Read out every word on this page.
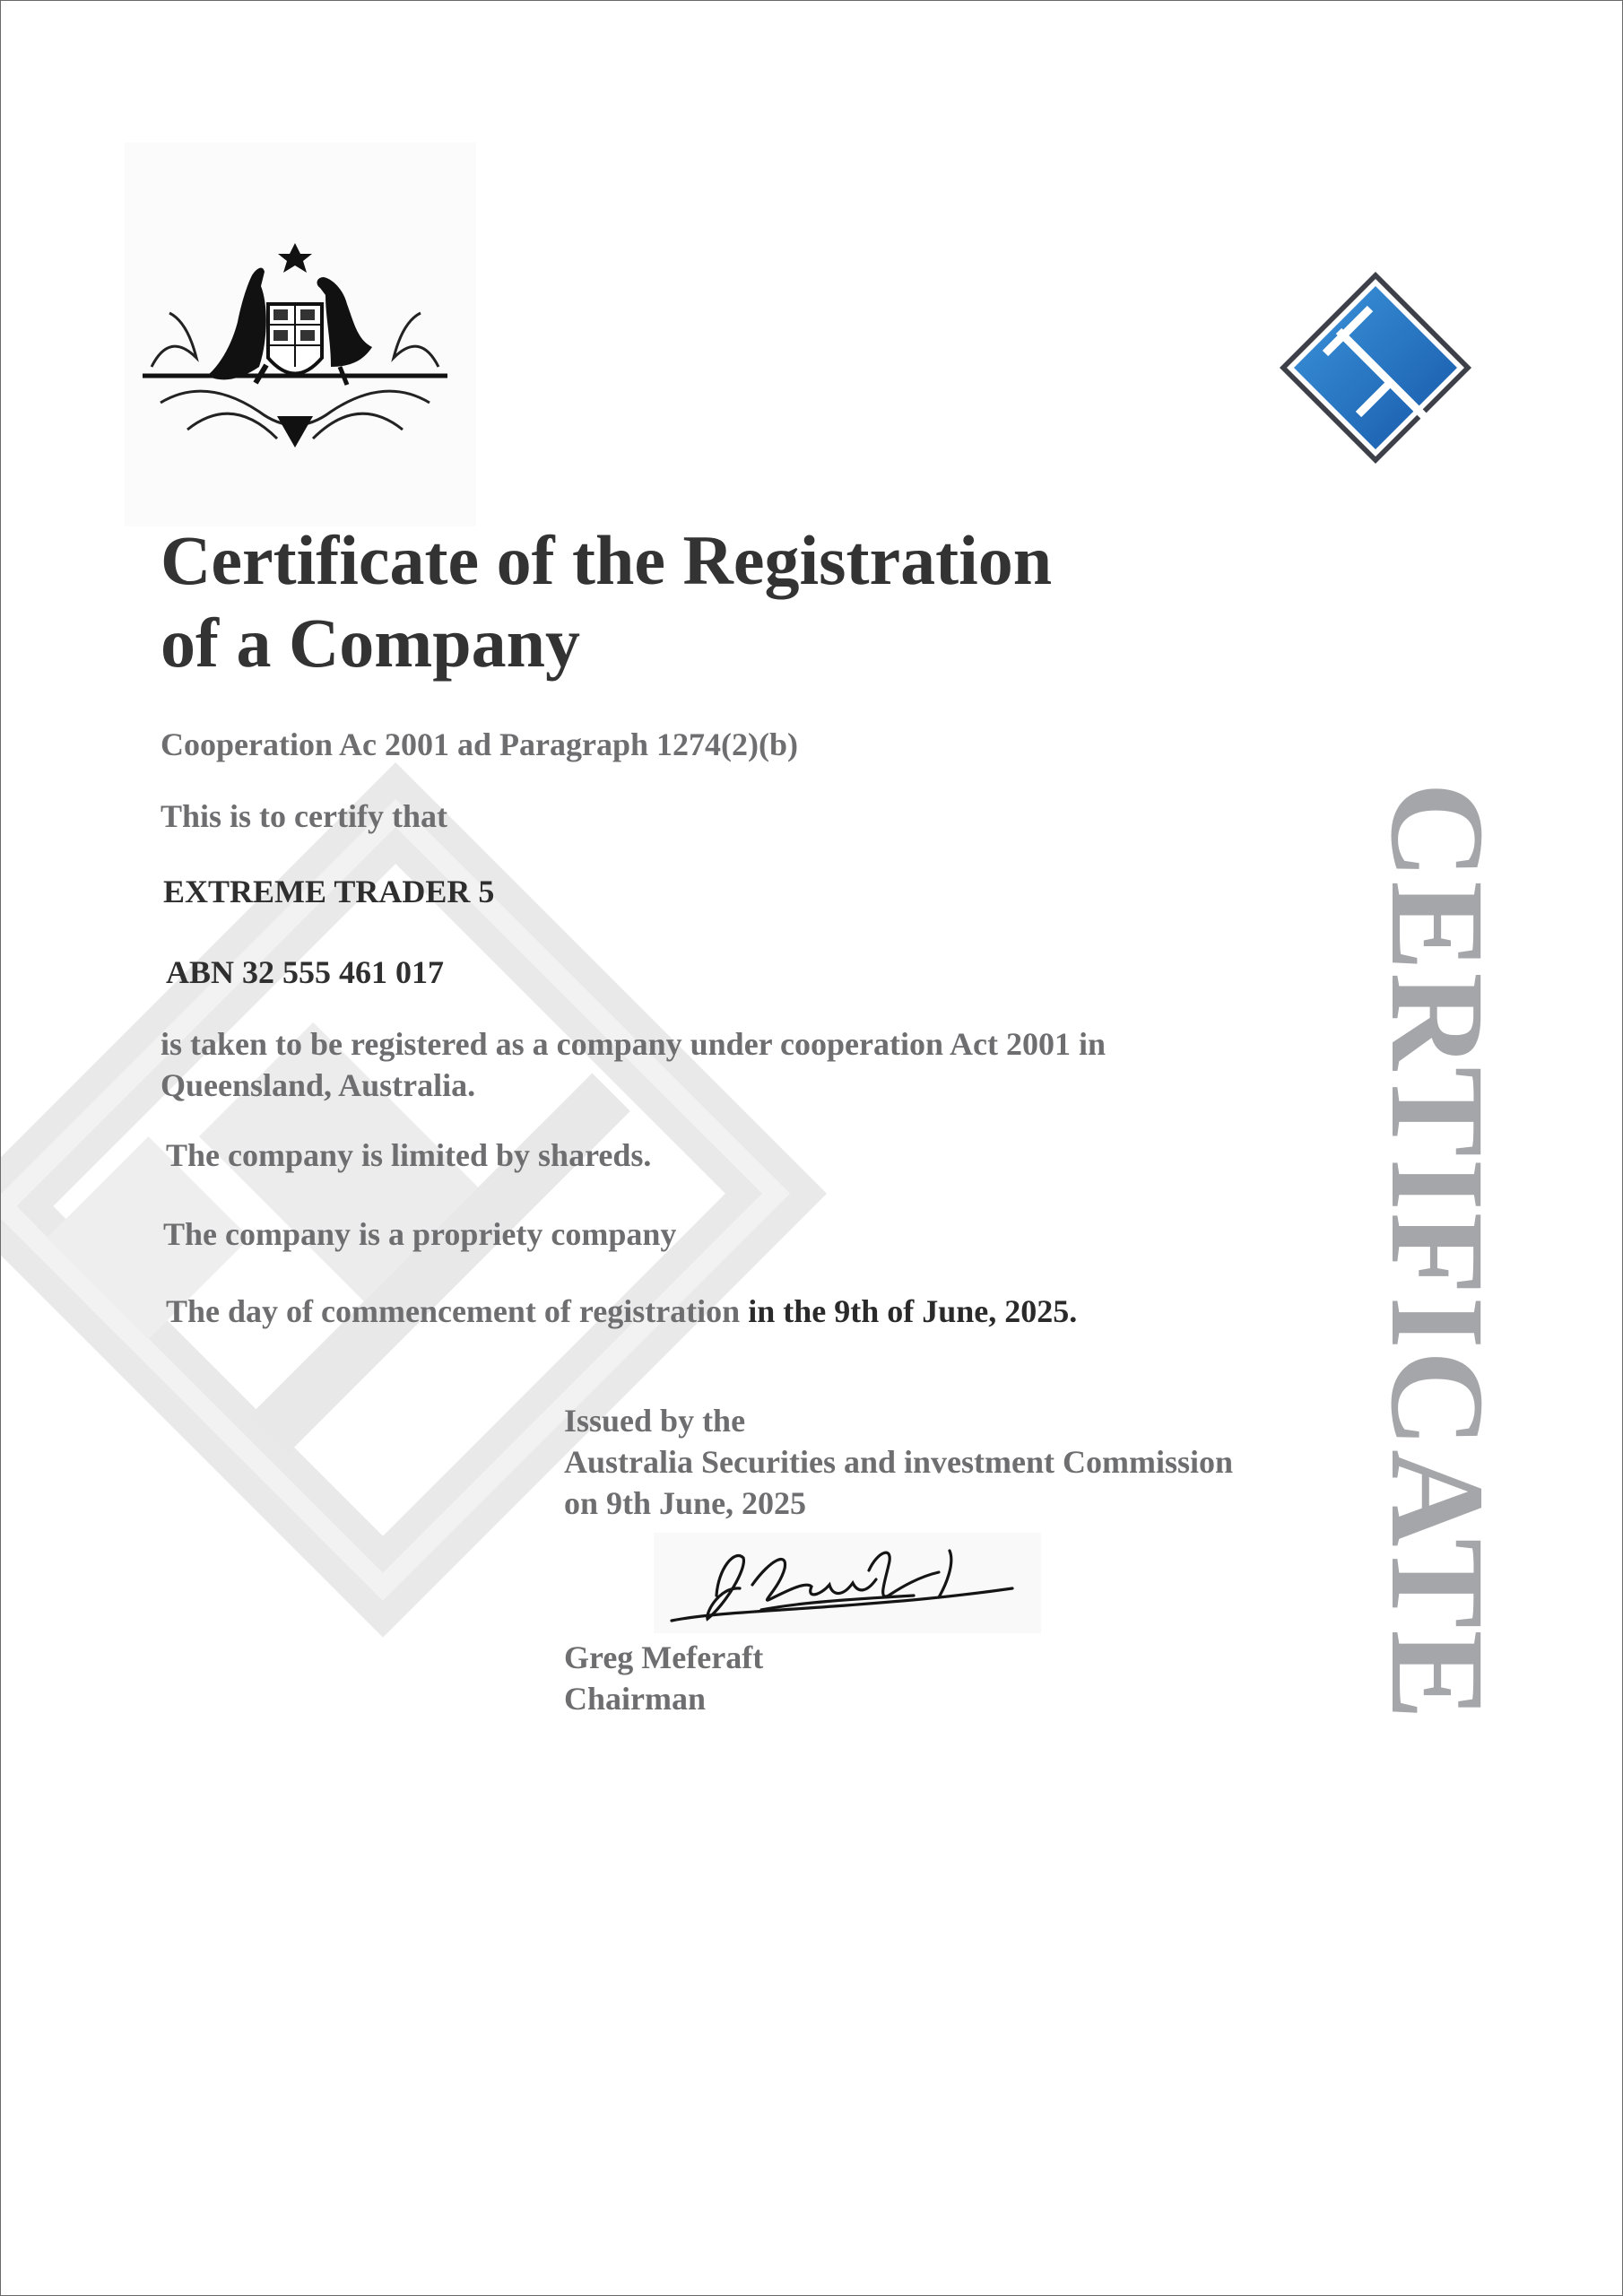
Certificate of the Registration
of a Company
Cooperation Ac 2001 ad Paragraph 1274(2)(b)
This is to certify that
EXTREME TRADER 5
ABN 32 555 461 017
is taken to be registered as a company under cooperation Act 2001 in
Queensland, Australia.
The company is limited by shareds.
The company is a propriety company
The day of commencement of registration in the 9th of June, 2025.
Issued by the
Australia Securities and investment Commission
on 9th June, 2025
Greg Meferaft
Chairman	CERTIFICATE
